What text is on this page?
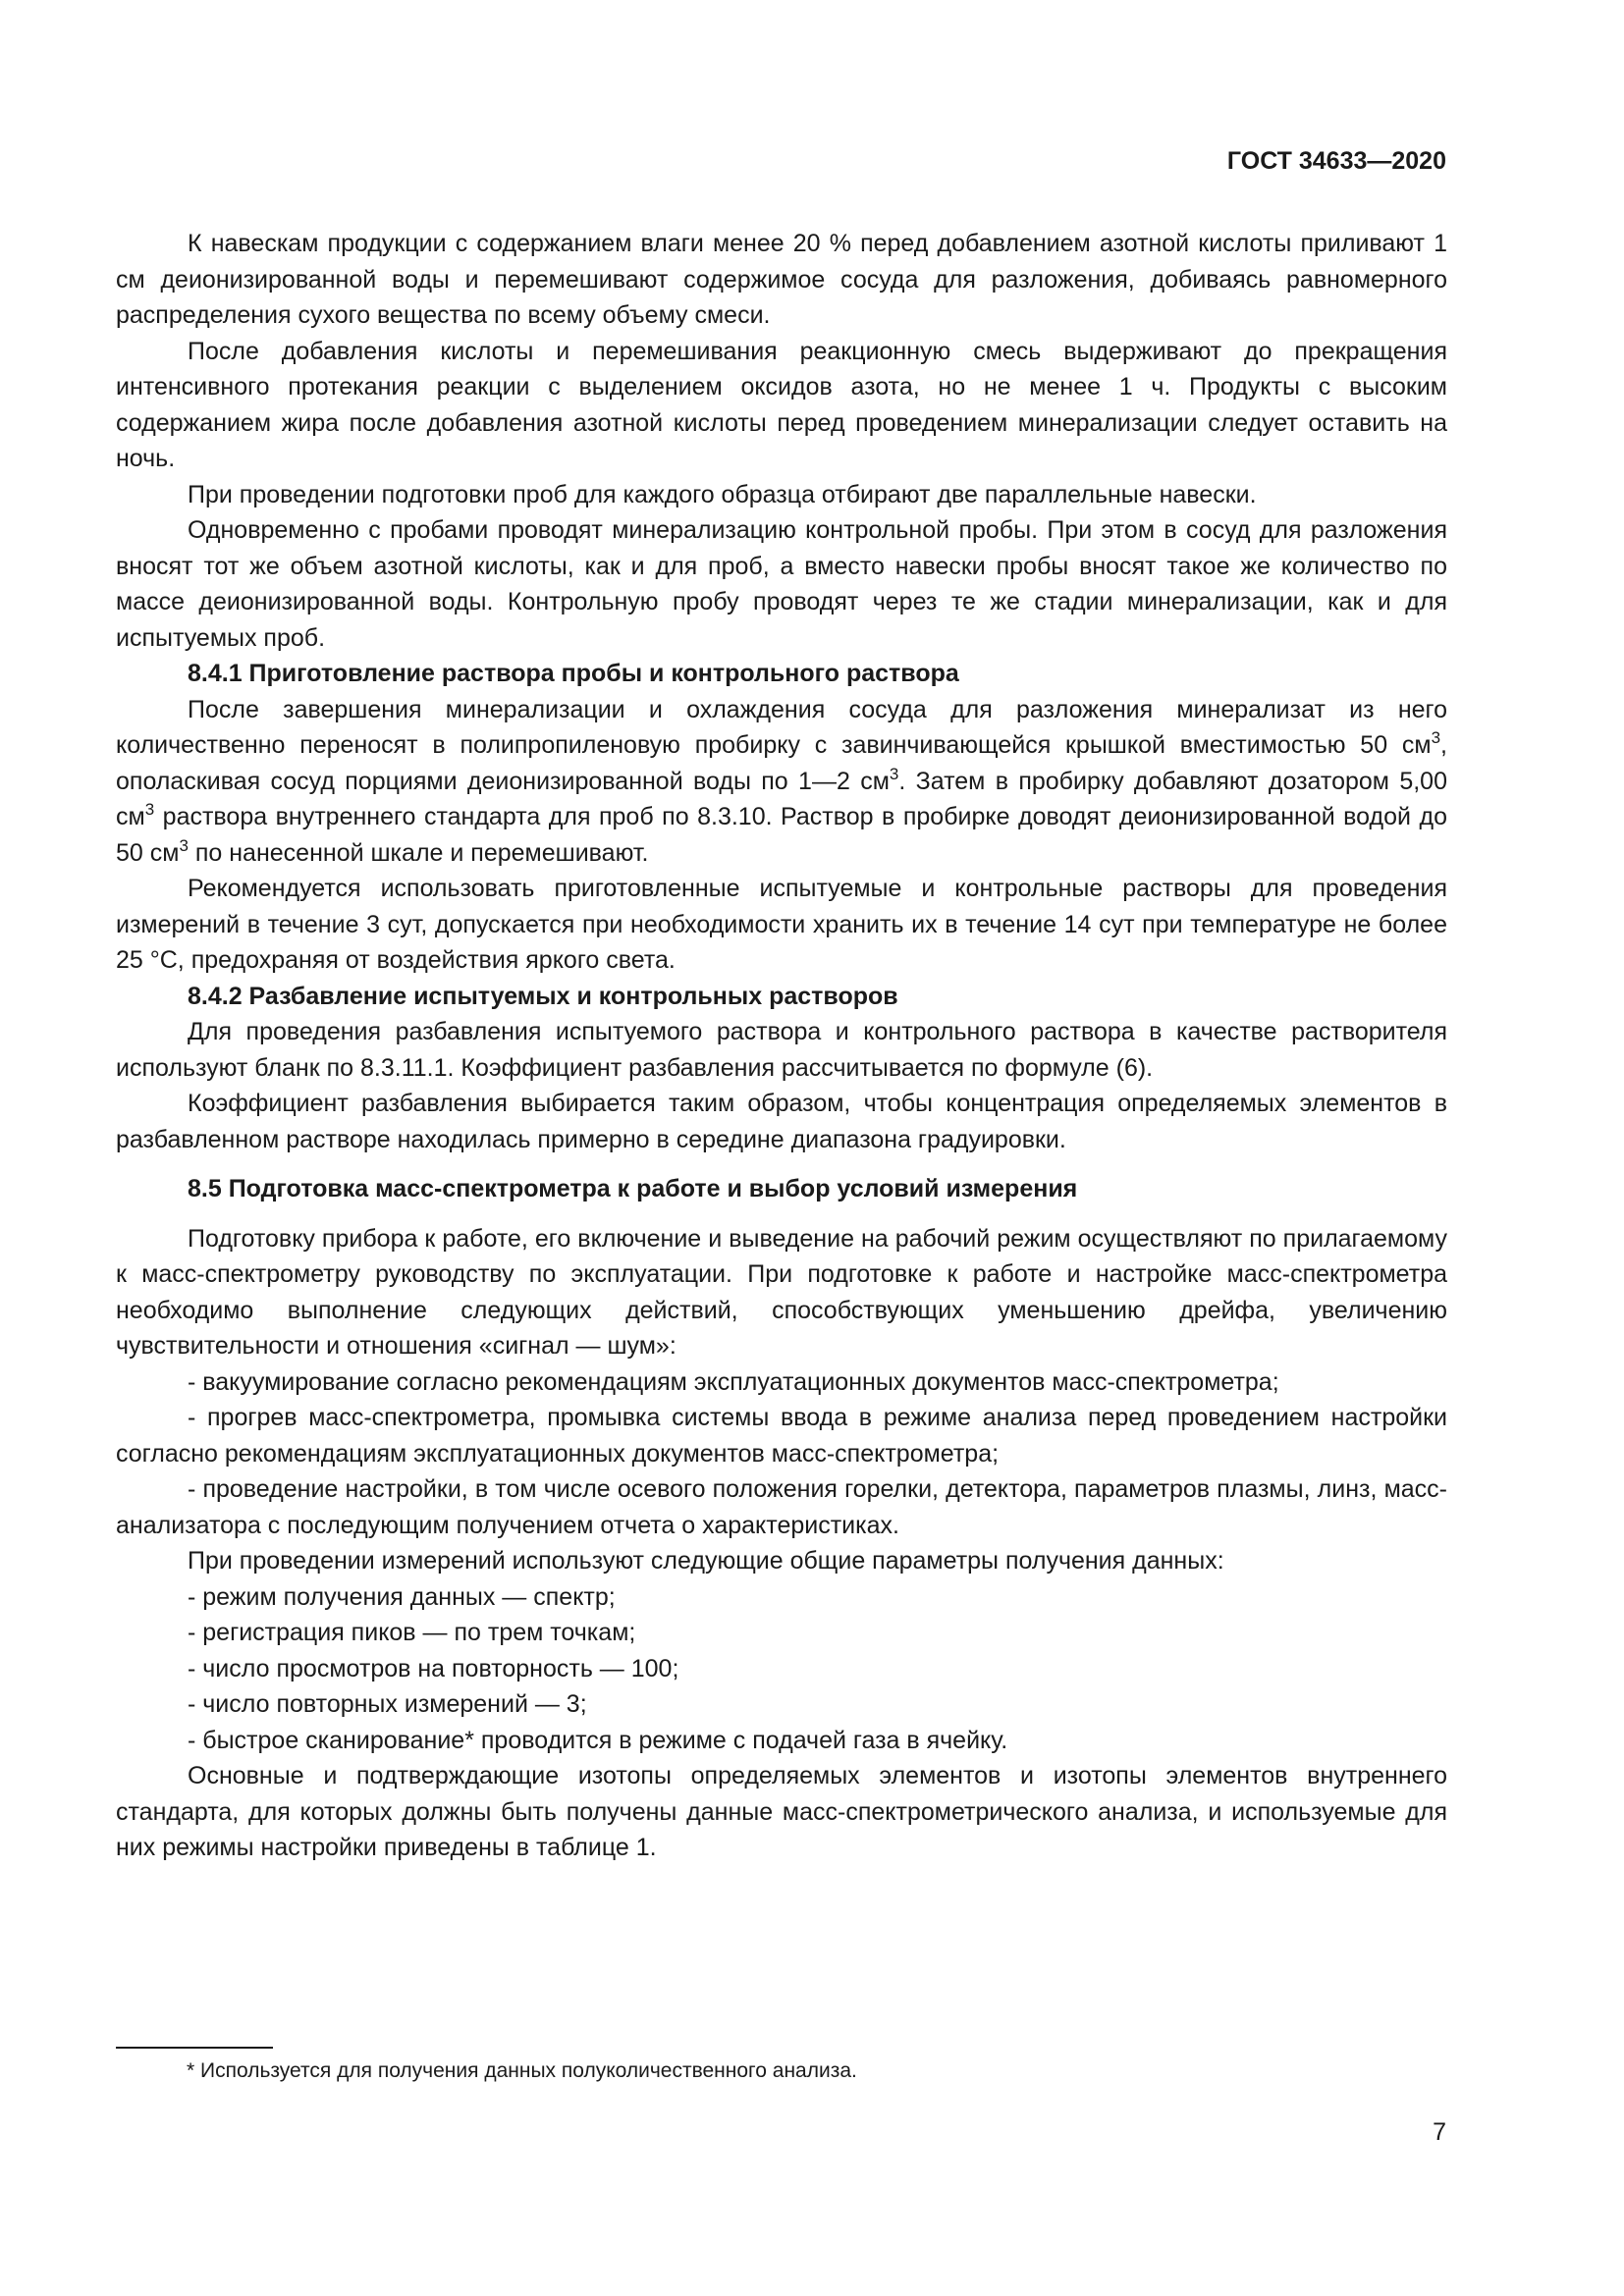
ГОСТ 34633—2020

К навескам продукции с содержанием влаги менее 20 % перед добавлением азотной кислоты приливают 1 см деионизированной воды и перемешивают содержимое сосуда для разложения, добиваясь равномерного распределения сухого вещества по всему объему смеси.

После добавления кислоты и перемешивания реакционную смесь выдерживают до прекращения интенсивного протекания реакции с выделением оксидов азота, но не менее 1 ч. Продукты с высоким содержанием жира после добавления азотной кислоты перед проведением минерализации следует оставить на ночь.

При проведении подготовки проб для каждого образца отбирают две параллельные навески.

Одновременно с пробами проводят минерализацию контрольной пробы. При этом в сосуд для разложения вносят тот же объем азотной кислоты, как и для проб, а вместо навески пробы вносят такое же количество по массе деионизированной воды. Контрольную пробу проводят через те же стадии минерализации, как и для испытуемых проб.

8.4.1 Приготовление раствора пробы и контрольного раствора

После завершения минерализации и охлаждения сосуда для разложения минерализат из него количественно переносят в полипропиленовую пробирку с завинчивающейся крышкой вместимостью 50 $см^3$, ополаскивая сосуд порциями деионизированной воды по 1—2 $см^3$. Затем в пробирку добавляют дозатором 5,00 $см^3$ раствора внутреннего стандарта для проб по 8.3.10. Раствор в пробирке доводят деионизированной водой до 50 $см^3$ по нанесенной шкале и перемешивают.

Рекомендуется использовать приготовленные испытуемые и контрольные растворы для проведения измерений в течение 3 сут, допускается при необходимости хранить их в течение 14 сут при температуре не более 25 °C, предохраняя от воздействия яркого света.

8.4.2 Разбавление испытуемых и контрольных растворов

Для проведения разбавления испытуемого раствора и контрольного раствора в качестве растворителя используют бланк по 8.3.11.1. Коэффициент разбавления рассчитывается по формуле (6).

Коэффициент разбавления выбирается таким образом, чтобы концентрация определяемых элементов в разбавленном растворе находилась примерно в середине диапазона градуировки.

8.5 Подготовка масс-спектрометра к работе и выбор условий измерения

Подготовку прибора к работе, его включение и выведение на рабочий режим осуществляют по прилагаемому к масс-спектрометру руководству по эксплуатации. При подготовке к работе и настройке масс-спектрометра необходимо выполнение следующих действий, способствующих уменьшению дрейфа, увеличению чувствительности и отношения «сигнал — шум»:

- вакуумирование согласно рекомендациям эксплуатационных документов масс-спектрометра;

- прогрев масс-спектрометра, промывка системы ввода в режиме анализа перед проведением настройки согласно рекомендациям эксплуатационных документов масс-спектрометра;

- проведение настройки, в том числе осевого положения горелки, детектора, параметров плазмы, линз, масс-анализатора с последующим получением отчета о характеристиках.

При проведении измерений используют следующие общие параметры получения данных:

- режим получения данных — спектр;

- регистрация пиков — по трем точкам;

- число просмотров на повторность — 100;

- число повторных измерений — 3;

- быстрое сканирование* проводится в режиме с подачей газа в ячейку.

Основные и подтверждающие изотопы определяемых элементов и изотопы элементов внутреннего стандарта, для которых должны быть получены данные масс-спектрометрического анализа, и используемые для них режимы настройки приведены в таблице 1.

* Используется для получения данных полуколичественного анализа.

7
